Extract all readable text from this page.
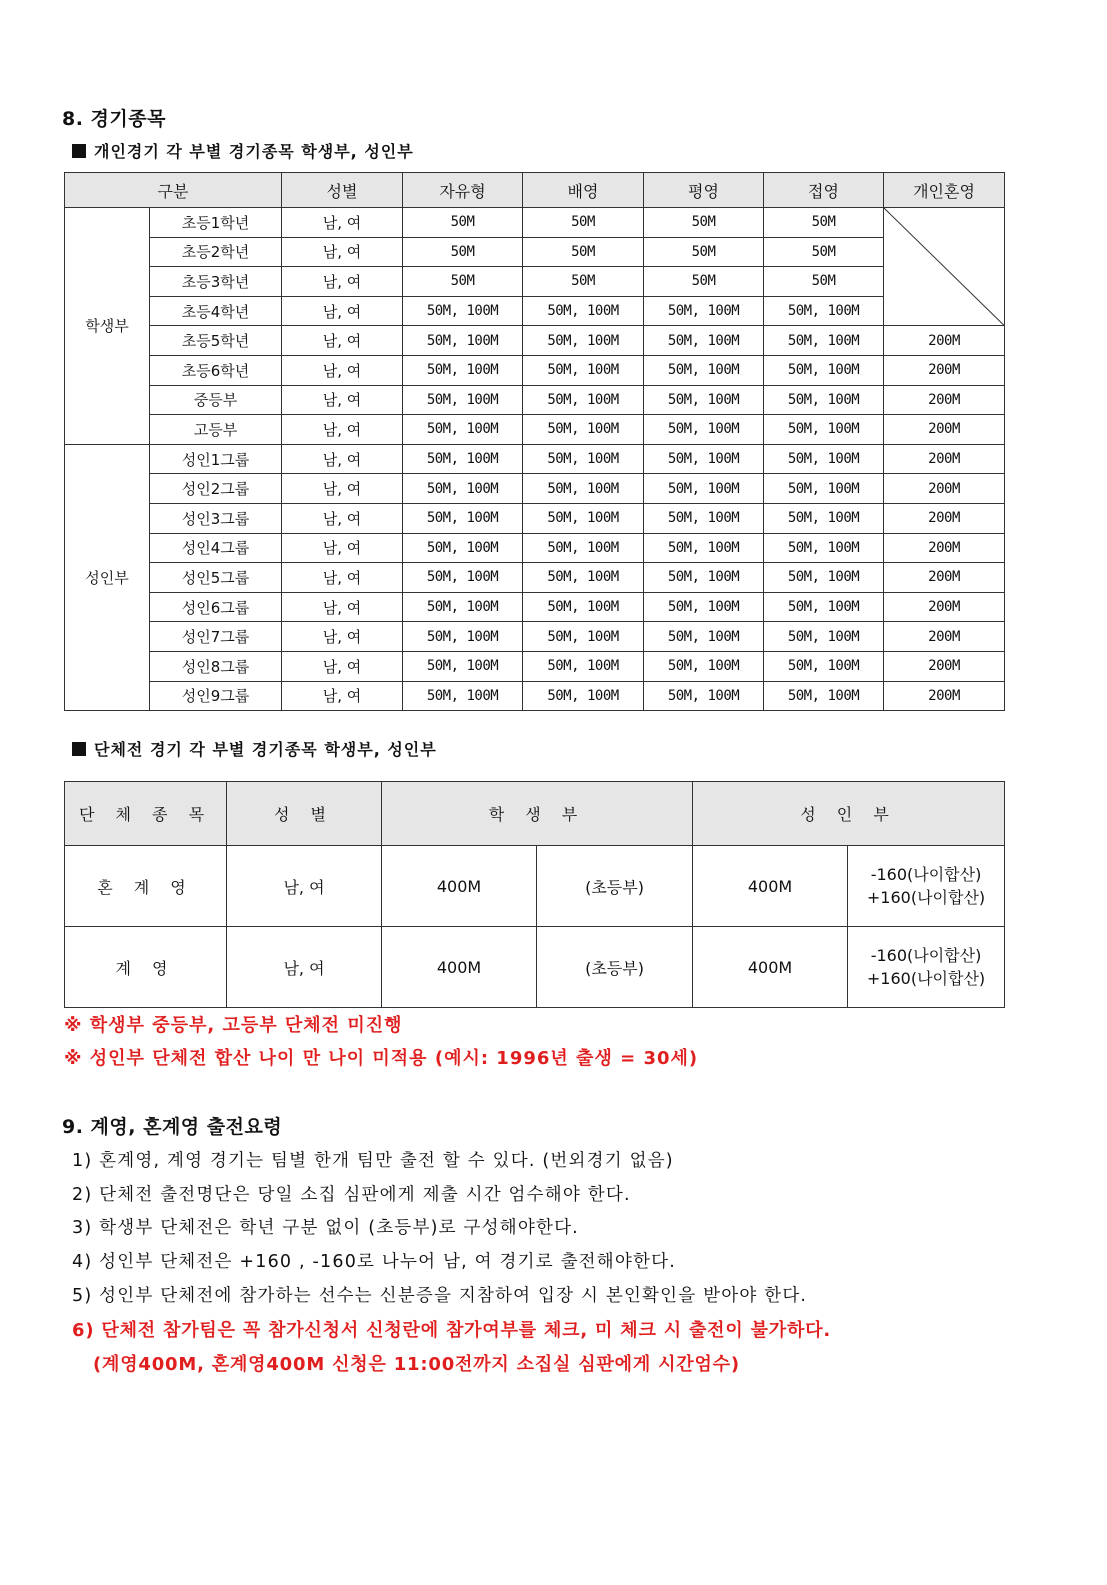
8. 경기종목
개인경기 각 부별 경기종목 학생부, 성인부
구분		성별	자유형	배영	평영	접영	개인혼영
학생부	초등1학년	남, 여	50M	50M	50M	50M	

	초등2학년	남, 여	50M	50M	50M	50M	
	초등3학년	남, 여	50M	50M	50M	50M	
	초등4학년	남, 여	50M, 100M	50M, 100M	50M, 100M	50M, 100M	
	초등5학년	남, 여	50M, 100M	50M, 100M	50M, 100M	50M, 100M	200M
	초등6학년	남, 여	50M, 100M	50M, 100M	50M, 100M	50M, 100M	200M
	중등부	남, 여	50M, 100M	50M, 100M	50M, 100M	50M, 100M	200M
	고등부	남, 여	50M, 100M	50M, 100M	50M, 100M	50M, 100M	200M
성인부	성인1그룹	남, 여	50M, 100M	50M, 100M	50M, 100M	50M, 100M	200M
	성인2그룹	남, 여	50M, 100M	50M, 100M	50M, 100M	50M, 100M	200M
	성인3그룹	남, 여	50M, 100M	50M, 100M	50M, 100M	50M, 100M	200M
	성인4그룹	남, 여	50M, 100M	50M, 100M	50M, 100M	50M, 100M	200M
	성인5그룹	남, 여	50M, 100M	50M, 100M	50M, 100M	50M, 100M	200M
	성인6그룹	남, 여	50M, 100M	50M, 100M	50M, 100M	50M, 100M	200M
	성인7그룹	남, 여	50M, 100M	50M, 100M	50M, 100M	50M, 100M	200M
	성인8그룹	남, 여	50M, 100M	50M, 100M	50M, 100M	50M, 100M	200M
	성인9그룹	남, 여	50M, 100M	50M, 100M	50M, 100M	50M, 100M	200M
단체전 경기 각 부별 경기종목 학생부, 성인부
단 체 종 목	성 별	학 생 부		성 인 부	
혼 계 영	남, 여	400M	(초등부)	400M	-160(나이합산)
+160(나이합산)

계 영	남, 여	400M	(초등부)	400M	-160(나이합산)
+160(나이합산)
※ 학생부 중등부, 고등부 단체전 미진행
※ 성인부 단체전 합산 나이 만 나이 미적용 (예시: 1996년 출생 = 30세)
9. 계영, 혼계영 출전요령
1) 혼계영, 계영 경기는 팀별 한개 팀만 출전 할 수 있다. (번외경기 없음)
2) 단체전 출전명단은 당일 소집 심판에게 제출 시간 엄수해야 한다.
3) 학생부 단체전은 학년 구분 없이 (초등부)로 구성해야한다.
4) 성인부 단체전은 +160 , -160로 나누어 남, 여 경기로 출전해야한다.
5) 성인부 단체전에 참가하는 선수는 신분증을 지참하여 입장 시 본인확인을 받아야 한다.
6) 단체전 참가팀은 꼭 참가신청서 신청란에 참가여부를 체크, 미 체크 시 출전이 불가하다.
(계영400M, 혼계영400M 신청은 11:00전까지 소집실 심판에게 시간엄수)
